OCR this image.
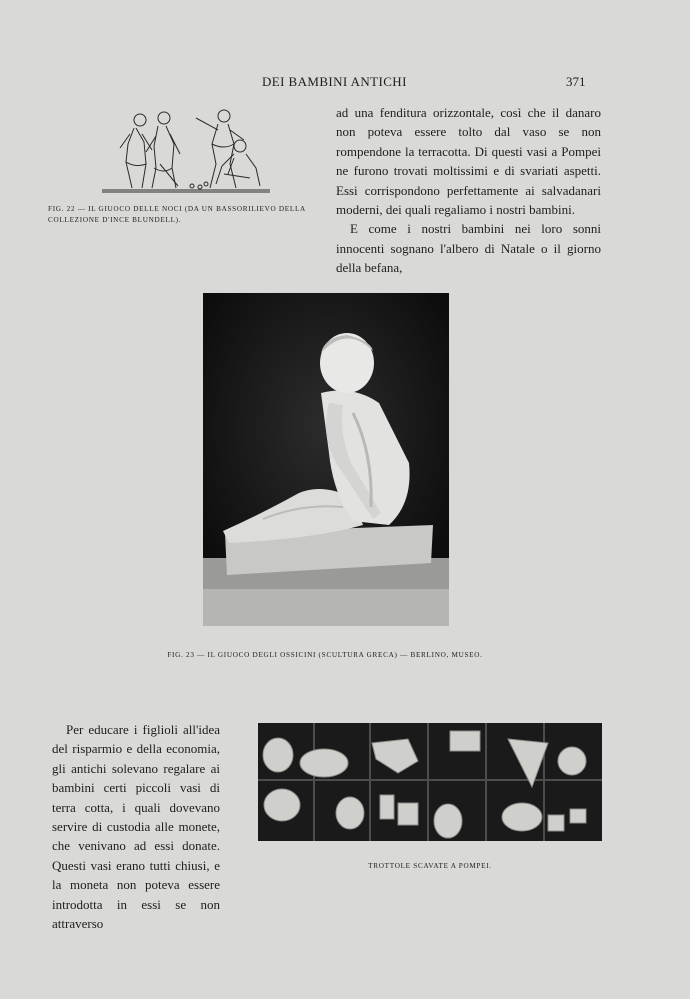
DEI BAMBINI ANTICHI	371
FIG. 22 — IL GIUOCO DELLE NOCI (DA UN BASSORILIEVO DELLA COLLEZIONE D'INCE BLUNDELL).

ad una fenditura orizzontale, così che il danaro non poteva essere tolto dal vaso se non rompendone la terracotta. Di questi vasi a Pompei ne furono trovati moltissimi e di svariati aspetti. Essi corrispondono perfettamente ai salvadanari moderni, dei quali regaliamo i nostri bambini.

E come i nostri bambini nei loro sonni innocenti sognano l'albero di Natale o il giorno della befana,

FIG. 23 — IL GIUOCO DEGLI OSSICINI (SCULTURA GRECA) — BERLINO, MUSEO.

Per educare i figlioli all'idea del risparmio e della economia, gli antichi solevano regalare ai bambini certi piccoli vasi di terra cotta, i quali dovevano servire di custodia alle monete, che venivano ad essi donate. Questi vasi erano tutti chiusi, e la moneta non poteva essere introdotta in essi se non attraverso

TROTTOLE SCAVATE A POMPEI.
